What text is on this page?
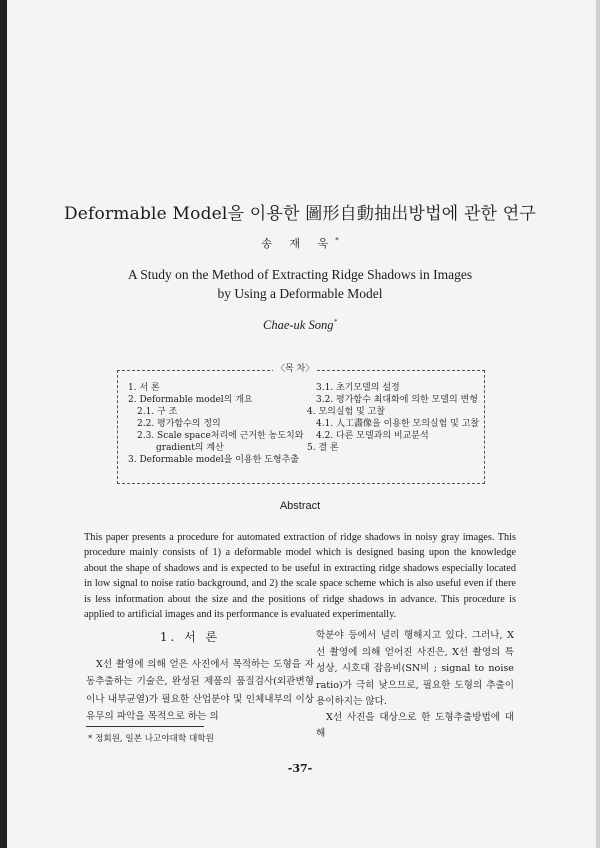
Deformable Model을 이용한 圖形自動抽出방법에 관한 연구
송 재 욱*
A Study on the Method of Extracting Ridge Shadows in Images
by Using a Deformable Model
Chae-uk Song*
〈목 차〉
1. 서 론
2. Deformable model의 개요
2.1. 구 조
2.2. 평가함수의 정의
2.3. Scale space처리에 근거한 농도치와
gradient의 계산
3. Deformable model을 이용한 도형추출
3.1. 초기모델의 설정
3.2. 평가함수 최대화에 의한 모델의 변형
4. 모의실험 및 고찰
4.1. 人工畵像을 이용한 모의실험 및 고찰
4.2. 다른 모델과의 비교분석
5. 결 론
Abstract
This paper presents a procedure for automated extraction of ridge shadows in noisy gray images. This procedure mainly consists of 1) a deformable model which is designed basing upon the knowledge about the shape of shadows and is expected to be useful in extracting ridge shadows especially located in low signal to noise ratio background, and 2) the scale space scheme which is also useful even if there is less information about the size and the positions of ridge shadows in advance. This procedure is applied to artificial images and its performance is evaluated experimentally.
1. 서 론
X선 촬영에 의해 얻은 사진에서 목적하는 도형을 자동추출하는 기술은, 완성된 제품의 품질검사(외관변형이나 내부균열)가 필요한 산업분야 및 인체내부의 이상유무의 파악을 목적으로 하는 의
학분야 등에서 널리 행해지고 있다. 그러나, X선 촬영에 의해 얻어진 사진은, X선 촬영의 특성상, 시호대 잡음비(SN비 ; signal to noise ratio)가 극히 낮으므로, 필요한 도형의 추출이 용이하지는 않다.
X선 사진을 대상으로 한 도형추출방법에 대해
* 정회원, 일본 나고야대학 대학원
-37-
